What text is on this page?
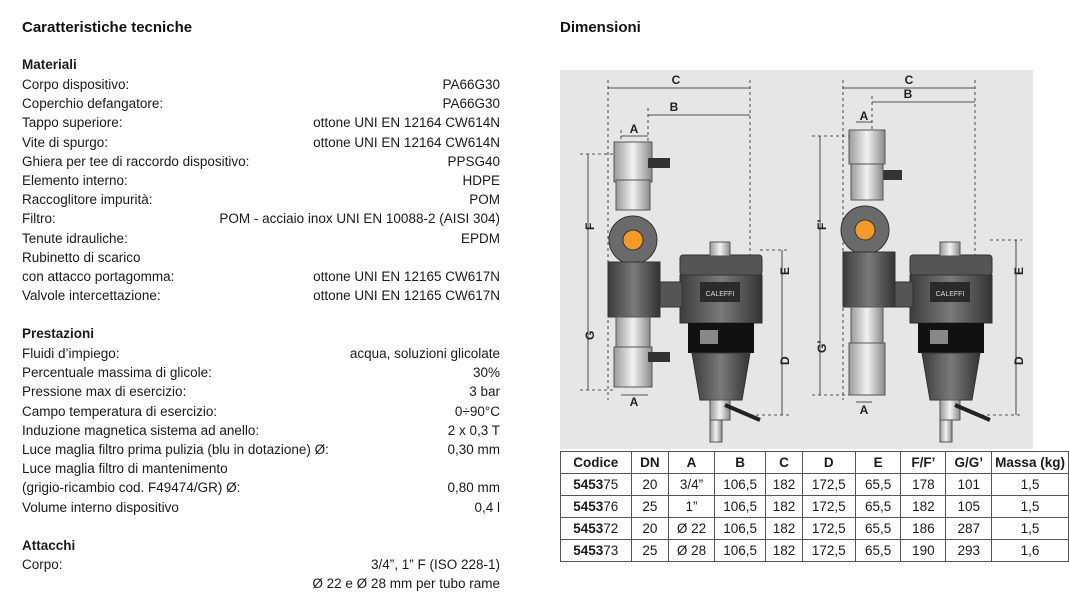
Caratteristiche tecniche	Dimensioni
Materiali
Corpo dispositivo:	PA66G30
Coperchio defangatore:	PA66G30
Tappo superiore:	ottone UNI EN 12164 CW614N
Vite di spurgo:	ottone UNI EN 12164 CW614N
Ghiera per tee di raccordo dispositivo:	PPSG40
Elemento interno:	HDPE
Raccoglitore impurità:	POM
Filtro:	POM - acciaio inox UNI EN 10088-2 (AISI 304)
Tenute idrauliche:	EPDM
Rubinetto di scarico
con attacco portagomma:	ottone UNI EN 12165 CW617N
Valvole intercettazione:	ottone UNI EN 12165 CW617N
Prestazioni
Fluidi d’impiego:	acqua, soluzioni glicolate
Percentuale massima di glicole:	30%
Pressione max di esercizio:	3 bar
Campo temperatura di esercizio:	0÷90°C
Induzione magnetica sistema ad anello:	2 x 0,3 T
Luce maglia filtro prima pulizia (blu in dotazione) Ø:	0,30 mm
Luce maglia filtro di mantenimento
(grigio-ricambio cod. F49474/GR) Ø:	0,80 mm
Volume interno dispositivo	0,4 l
Attacchi
Corpo:	3/4”, 1” F (ISO 228-1)
Ø 22 e Ø 28 mm per tubo rame
CALEFFI	CALEFFI
C
B
A
A
F
G
E
D
C
B
A
A
F’
G’
E
D
Codice	DN	A	B	C	D	E	F/F’	G/G’	Massa (kg)
545375	20	3/4”	106,5	182	172,5	65,5	178	101	1,5
545376	25	1”	106,5	182	172,5	65,5	182	105	1,5
545372	20	Ø 22	106,5	182	172,5	65,5	186	287	1,5
545373	25	Ø 28	106,5	182	172,5	65,5	190	293	1,6
